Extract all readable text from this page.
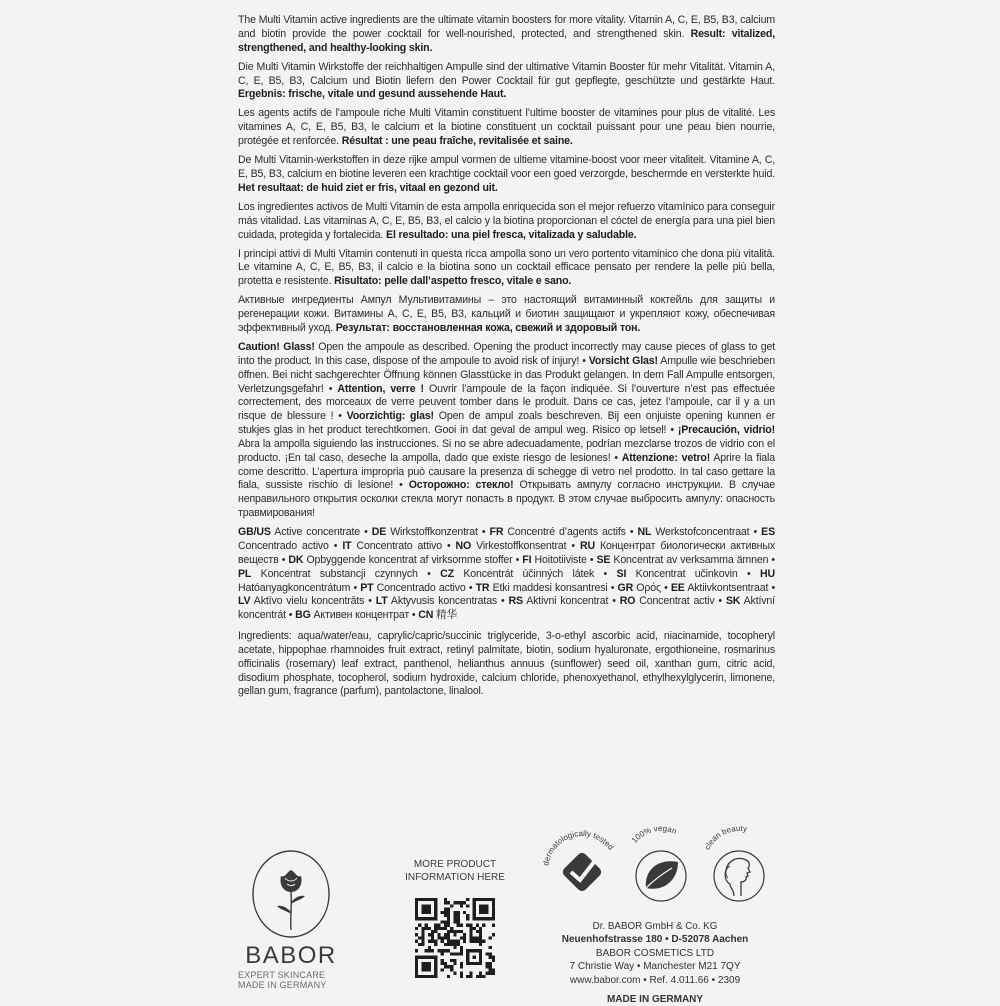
The Multi Vitamin active ingredients are the ultimate vitamin boosters for more vitality. Vitamin A, C, E, B5, B3, calcium and biotin provide the power cocktail for well-nourished, protected, and strengthened skin. Result: vitalized, strengthened, and healthy-looking skin.

Die Multi Vitamin Wirkstoffe der reichhaltigen Ampulle sind der ultimative Vitamin Booster für mehr Vitalität. Vitamin A, C, E, B5, B3, Calcium und Biotin liefern den Power Cocktail für gut gepflegte, geschützte und gestärkte Haut. Ergebnis: frische, vitale und gesund aussehende Haut.

Les agents actifs de l’ampoule riche Multi Vitamin constituent l’ultime booster de vitamines pour plus de vitalité. Les vitamines A, C, E, B5, B3, le calcium et la biotine constituent un cocktail puissant pour une peau bien nourrie, protégée et renforcée. Résultat : une peau fraîche, revitalisée et saine.

De Multi Vitamin-werkstoffen in deze rijke ampul vormen de ultieme vitamine-boost voor meer vitaliteit. Vitamine A, C, E, B5, B3, calcium en biotine leveren een krachtige cocktail voor een goed verzorgde, beschermde en versterkte huid. Het resultaat: de huid ziet er fris, vitaal en gezond uit.

Los ingredientes activos de Multi Vitamin de esta ampolla enriquecida son el mejor refuerzo vitamínico para conseguir más vitalidad. Las vitaminas A, C, E, B5, B3, el calcio y la biotina proporcionan el cóctel de energía para una piel bien cuidada, protegida y fortalecida. El resultado: una piel fresca, vitalizada y saludable.

I principi attivi di Multi Vitamin contenuti in questa ricca ampolla sono un vero portento vitaminico che dona più vitalità. Le vitamine A, C, E, B5, B3, il calcio e la biotina sono un cocktail efficace pensato per rendere la pelle più bella, protetta e resistente. Risultato: pelle dall’aspetto fresco, vitale e sano.

Активные ингредиенты Ампул Мультивитамины – это настоящий витаминный коктейль для защиты и регенерации кожи. Витамины А, С, Е, В5, В3, кальций и биотин защищают и укрепляют кожу, обеспечивая эффективный уход. Результат: восстановленная кожа, свежий и здоровый тон.

Caution! Glass! Open the ampoule as described. Opening the product incorrectly may cause pieces of glass to get into the product. In this case, dispose of the ampoule to avoid risk of injury! • Vorsicht Glas! Ampulle wie beschrieben öffnen. Bei nicht sachgerechter Öffnung können Glasstücke in das Produkt gelangen. In dem Fall Ampulle entsorgen, Verletzungsgefahr! • Attention, verre ! Ouvrir l’ampoule de la façon indiquée. Si l’ouverture n’est pas effectuée correctement, des morceaux de verre peuvent tomber dans le produit. Dans ce cas, jetez l’ampoule, car il y a un risque de blessure ! • Voorzichtig: glas! Open de ampul zoals beschreven. Bij een onjuiste opening kunnen er stukjes glas in het product terechtkomen. Gooi in dat geval de ampul weg. Risico op letsel! • ¡Precaución, vidrio! Abra la ampolla siguiendo las instrucciones. Si no se abre adecuadamente, podrían mezclarse trozos de vidrio con el producto. ¡En tal caso, deseche la ampolla, dado que existe riesgo de lesiones! • Attenzione: vetro! Aprire la fiala come descritto. L’apertura impropria può causare la presenza di schegge di vetro nel prodotto. In tal caso gettare la fiala, sussiste rischio di lesione! • Осторожно: стекло! Открывать ампулу согласно инструкции. В случае неправильного открытия осколки стекла могут попасть в продукт. В этом случае выбросить ампулу: опасность травмирования!

GB/US Active concentrate • DE Wirkstoffkonzentrat • FR Concentré d’agents actifs • NL Werkstofconcentraat • ES Concentrado activo • IT Concentrato attivo • NO Virkestoffkonsentrat • RU Концентрат биологически активных веществ • DK Opbyggende koncentrat af virksomme stoffer • FI Hoitotiiviste • SE Koncentrat av verksamma ämnen • PL Koncentrat substancji czynnych • CZ Koncentrát účinných látek • SI Koncentrat učinkovin • HU Hatóanyagkoncentrátum • PT Concentrado activo • TR Etki maddesi konsantresi • GR Ορός • EE Aktiivkontsentraat • LV Aktīvo vielu koncentrāts • LT Aktyvusis koncentratas • RS Aktivni koncentrat • RO Concentrat activ • SK Aktívní koncentrát • BG Активен концентрат • CN 精华

Ingredients: aqua/water/eau, caprylic/capric/succinic triglyceride, 3-o-ethyl ascorbic acid, niacinamide, tocopheryl acetate, hippophae rhamnoides fruit extract, retinyl palmitate, biotin, sodium hyaluronate, ergothioneine, rosmarinus officinalis (rosemary) leaf extract, panthenol, helianthus annuus (sunflower) seed oil, xanthan gum, citric acid, disodium phosphate, tocopherol, sodium hydroxide, calcium chloride, phenoxyethanol, ethylhexylglycerin, limonene, gellan gum, fragrance (parfum), pantolactone, linalool.

BABOR
EXPERT SKINCARE
MADE IN GERMANY
MORE PRODUCT
INFORMATION HERE
dermatologically tested
100% vegan
clean beauty
Dr. BABOR GmbH & Co. KG
Neuenhofstrasse 180 • D-52078 Aachen
BABOR COSMETICS LTD
7 Christie Way • Manchester M21 7QY
www.babor.com • Ref. 4.011.66 • 2309
MADE IN GERMANY
